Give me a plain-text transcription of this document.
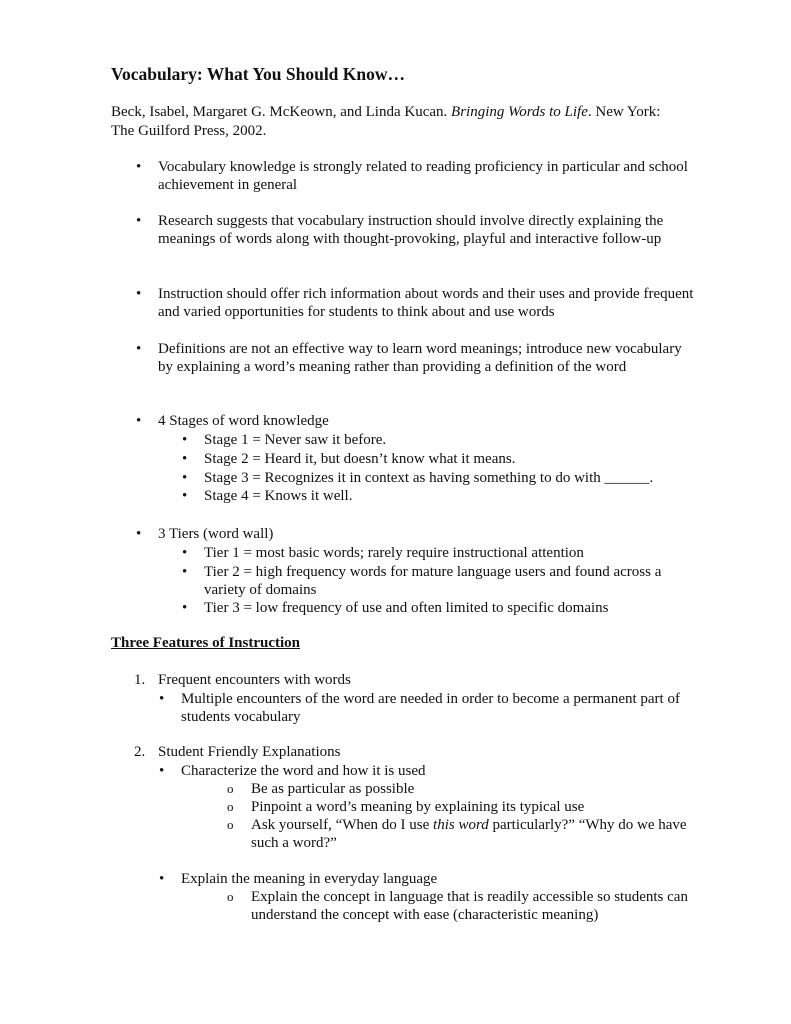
Vocabulary: What You Should Know…
Beck, Isabel, Margaret G. McKeown, and Linda Kucan. Bringing Words to Life. New York: The Guilford Press, 2002.
• Vocabulary knowledge is strongly related to reading proficiency in particular and school achievement in general
• Research suggests that vocabulary instruction should involve directly explaining the meanings of words along with thought-provoking, playful and interactive follow-up
• Instruction should offer rich information about words and their uses and provide frequent and varied opportunities for students to think about and use words
• Definitions are not an effective way to learn word meanings; introduce new vocabulary by explaining a word’s meaning rather than providing a definition of the word
• 4 Stages of word knowledge
• Stage 1 = Never saw it before.
• Stage 2 = Heard it, but doesn’t know what it means.
• Stage 3 = Recognizes it in context as having something to do with ______.
• Stage 4 = Knows it well.
• 3 Tiers (word wall)
• Tier 1 = most basic words; rarely require instructional attention
• Tier 2 = high frequency words for mature language users and found across a variety of domains
• Tier 3 = low frequency of use and often limited to specific domains
Three Features of Instruction
1. Frequent encounters with words
• Multiple encounters of the word are needed in order to become a permanent part of students vocabulary
2. Student Friendly Explanations
• Characterize the word and how it is used
o Be as particular as possible
o Pinpoint a word’s meaning by explaining its typical use
o Ask yourself, “When do I use this word particularly?” “Why do we have such a word?”
• Explain the meaning in everyday language
o Explain the concept in language that is readily accessible so students can understand the concept with ease (characteristic meaning)
